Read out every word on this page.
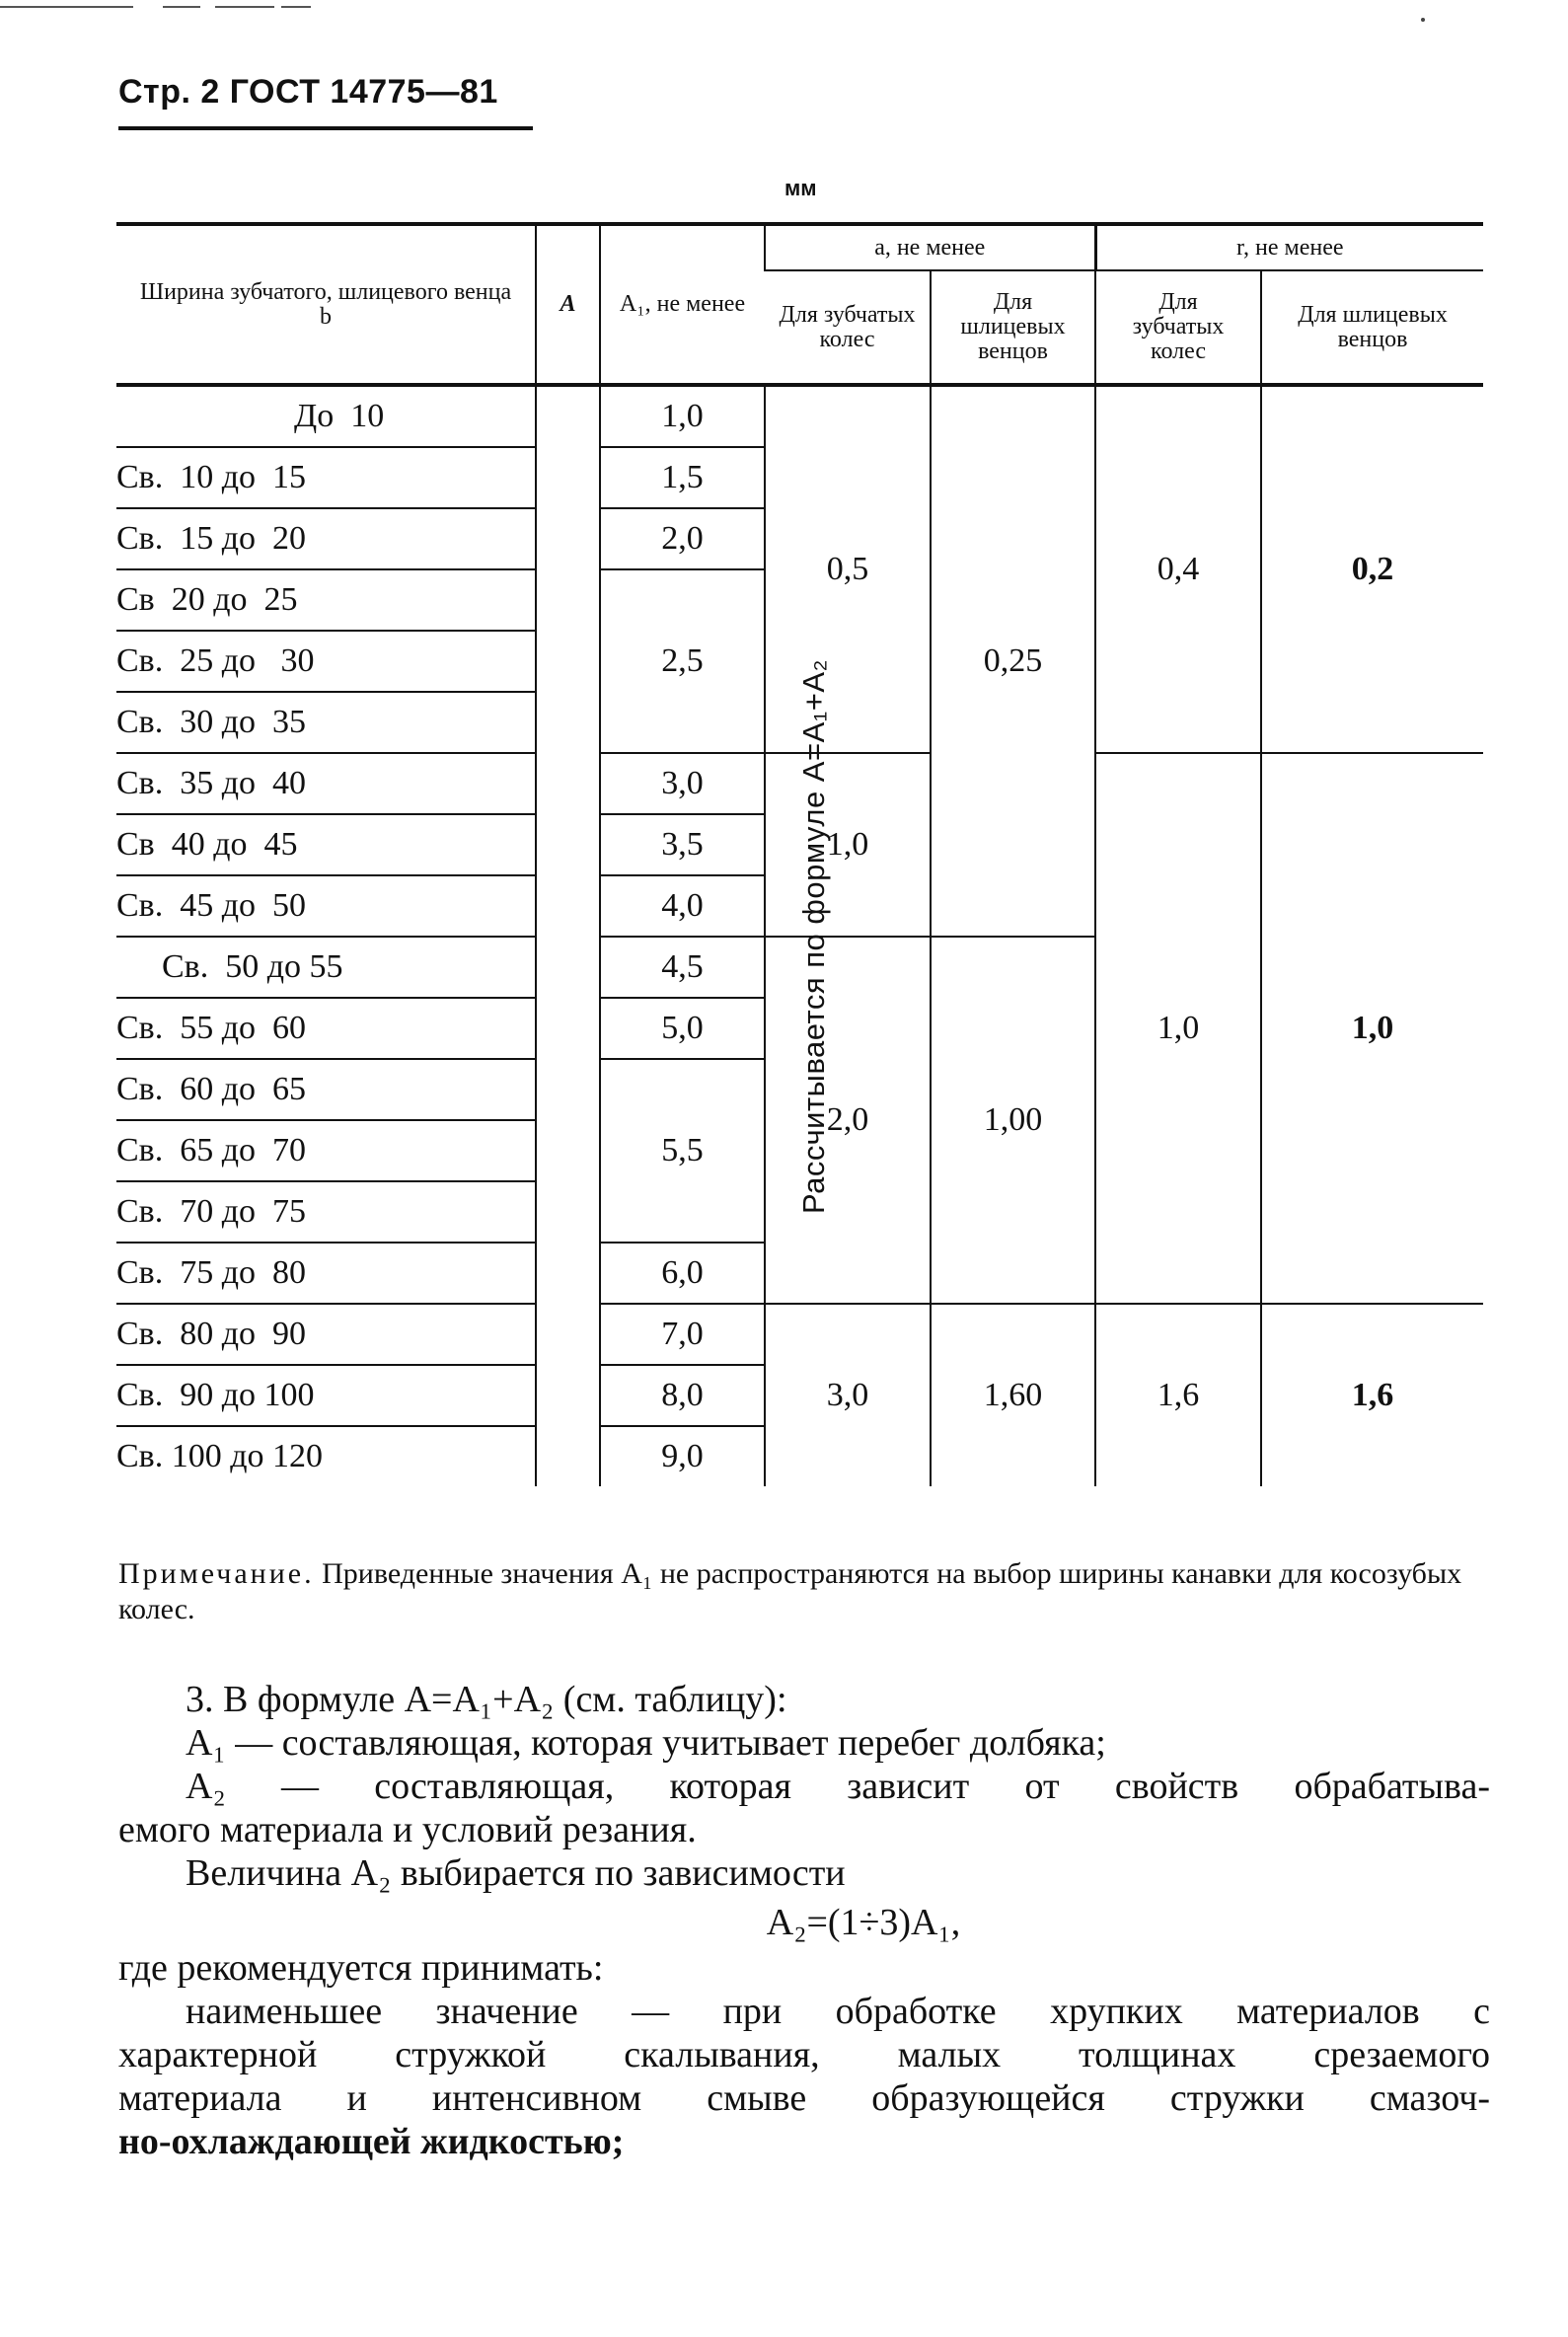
Стр. 2 ГОСТ 14775—81
мм
Ширина зубчатого, шлицевого венца b	A	A₁, не менее	a, не менее		r, не менее	
			Для зубчатых колес	Для шлицевых венцов	Для зубчатых колес	Для шлицевых венцов
До  10	Рассчитывается по формуле A=A₁+A₂	1,0	0,5	0,25	0,4	0,2
Св.  10 до  15		1,5				
Св.  15 до  20		2,0				
Св  20 до  25		2,5				
Св.  25 до   30						
Св.  30 до  35						
Св.  35 до  40		3,0	1,0		1,0	1,0
Св  40 до  45		3,5				
Св.  45 до  50		4,0				
Св.  50 до 55		4,5	2,0	1,00		
Св.  55 до  60		5,0				
Св.  60 до  65		5,5				
Св.  65 до  70						
Св.  70 до  75						
Св.  75 до  80		6,0				
Св.  80 до  90		7,0	3,0	1,60	1,6	1,6
Св.  90 до 100		8,0				
Св. 100 до 120		9,0				
Примечание. Приведенные значения A₁ не распространяются на выбор ширины канавки для косозубых колес.

3. В формуле A=A₁+A₂ (см. таблицу):

A₁ — составляющая, которая учитывает перебег долбяка;

A₂ — составляющая, которая зависит от свойств обрабатыва-

емого материала и условий резания.

Величина A₂ выбирается по зависимости

A₂=(1÷3)A₁,

где рекомендуется принимать:

наименьшее значение — при обработке хрупких материалов с

характерной стружкой скалывания, малых толщинах срезаемого

материала и интенсивном смыве образующейся стружки смазоч-

но-охлаждающей жидкостью;
